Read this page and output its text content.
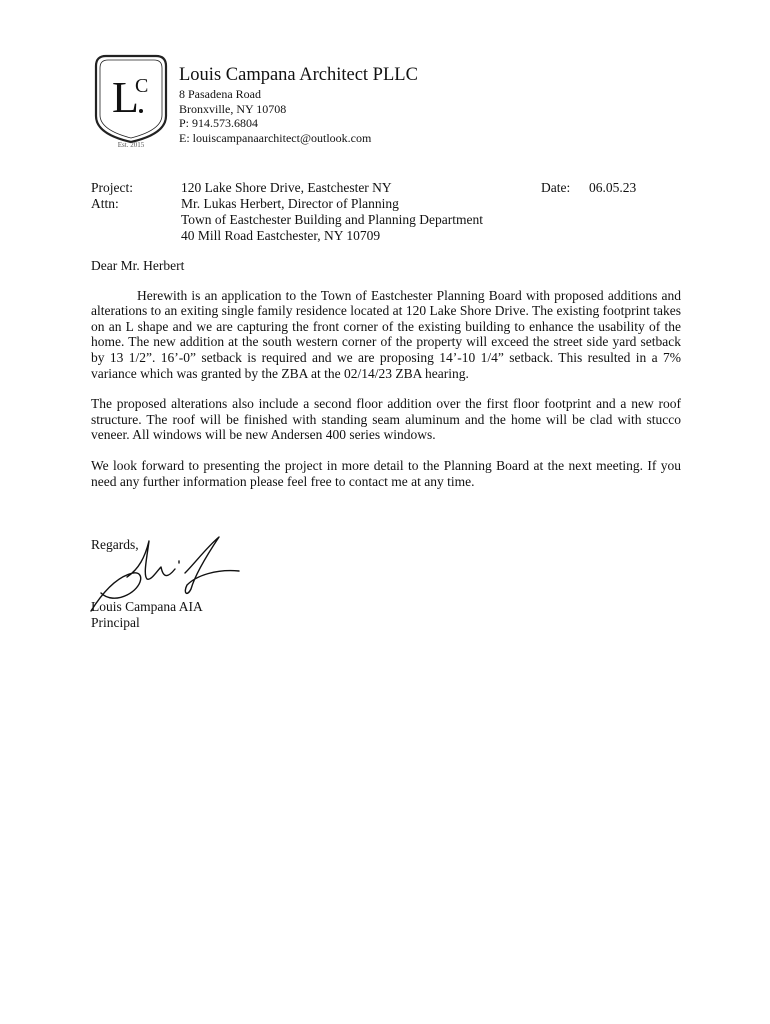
L
C
Est. 2015
Louis Campana Architect PLLC
8 Pasadena Road
Bronxville, NY 10708
P: 914.573.6804
E: louiscampanaarchitect@outlook.com
Project:	120 Lake Shore Drive, Eastchester NY
Attn:	Mr. Lukas Herbert, Director of Planning
Town of Eastchester Building and Planning Department
40 Mill Road Eastchester, NY 10709
Date:	06.05.23

Dear Mr. Herbert

Herewith is an application to the Town of Eastchester Planning Board with proposed additions and alterations to an exiting single family residence located at 120 Lake Shore Drive. The existing footprint takes on an L shape and we are capturing the front corner of the existing building to enhance the usability of the home. The new addition at the south western corner of the property will exceed the street side yard setback by 13 1/2”. 16’-0” setback is required and we are proposing 14’-10 1/4” setback. This resulted in a 7% variance which was granted by the ZBA at the 02/14/23 ZBA hearing.

The proposed alterations also include a second floor addition over the first floor footprint and a new roof structure. The roof will be finished with standing seam aluminum and the home will be clad with stucco veneer. All windows will be new Andersen 400 series windows.

We look forward to presenting the project in more detail to the Planning Board at the next meeting. If you need any further information please feel free to contact me at any time.

Regards,
Louis Campana AIA
Principal
